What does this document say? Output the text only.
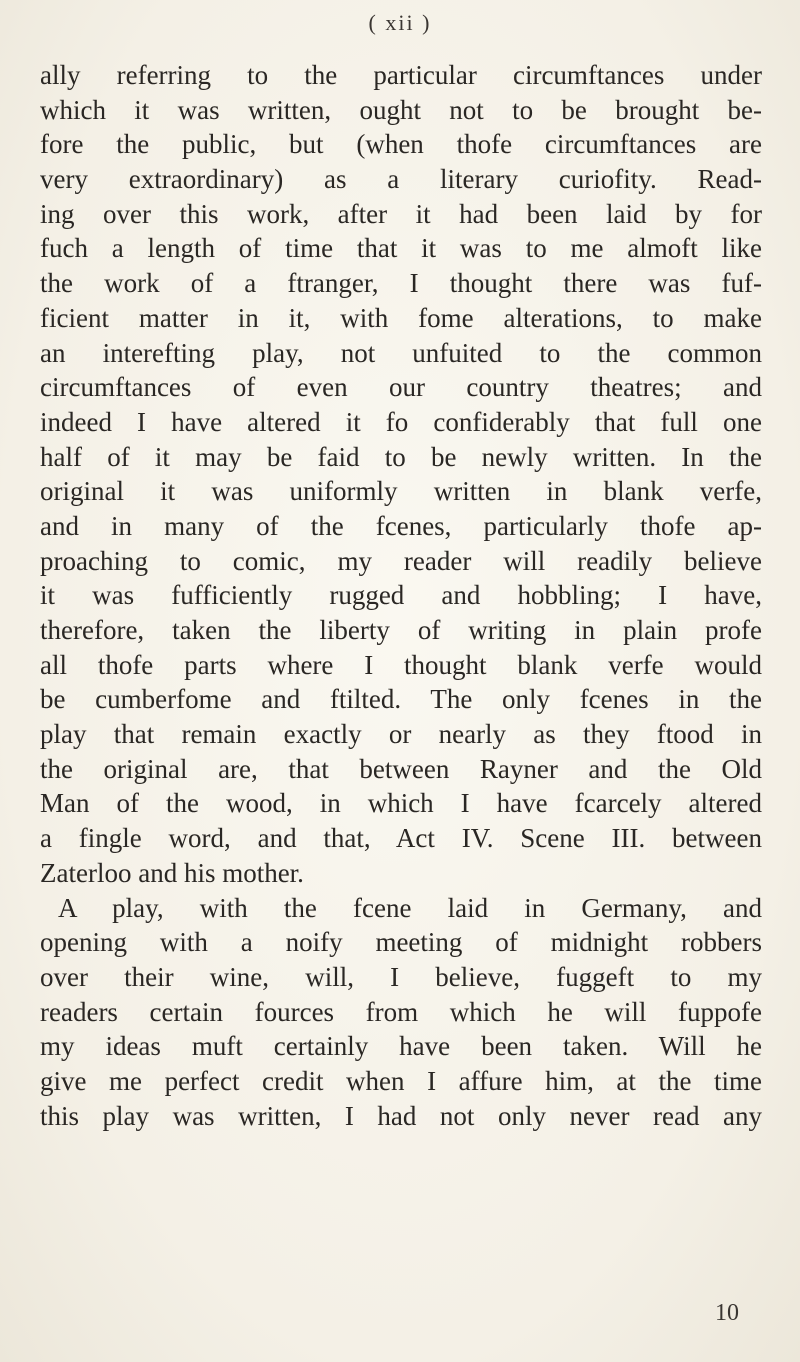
( xii )
ally referring to the particular circumftances under
which it was written, ought not to be brought be-
fore the public, but (when thofe circumftances are
very extraordinary) as a literary curiofity. Read-
ing over this work, after it had been laid by for
fuch a length of time that it was to me almoft like
the work of a ftranger, I thought there was fuf-
ficient matter in it, with fome alterations, to make
an interefting play, not unfuited to the common
circumftances of even our country theatres; and
indeed I have altered it fo confiderably that full one
half of it may be faid to be newly written. In the
original it was uniformly written in blank verfe,
and in many of the fcenes, particularly thofe ap-
proaching to comic, my reader will readily believe
it was fufficiently rugged and hobbling; I have,
therefore, taken the liberty of writing in plain profe
all thofe parts where I thought blank verfe would
be cumberfome and ftilted. The only fcenes in the
play that remain exactly or nearly as they ftood in
the original are, that between Rayner and the Old
Man of the wood, in which I have fcarcely altered
a fingle word, and that, Act IV. Scene III. between
Zaterloo and his mother.
A play, with the fcene laid in Germany, and
opening with a noify meeting of midnight robbers
over their wine, will, I believe, fuggeft to my
readers certain fources from which he will fuppofe
my ideas muft certainly have been taken. Will he
give me perfect credit when I affure him, at the time
this play was written, I had not only never read any
10
